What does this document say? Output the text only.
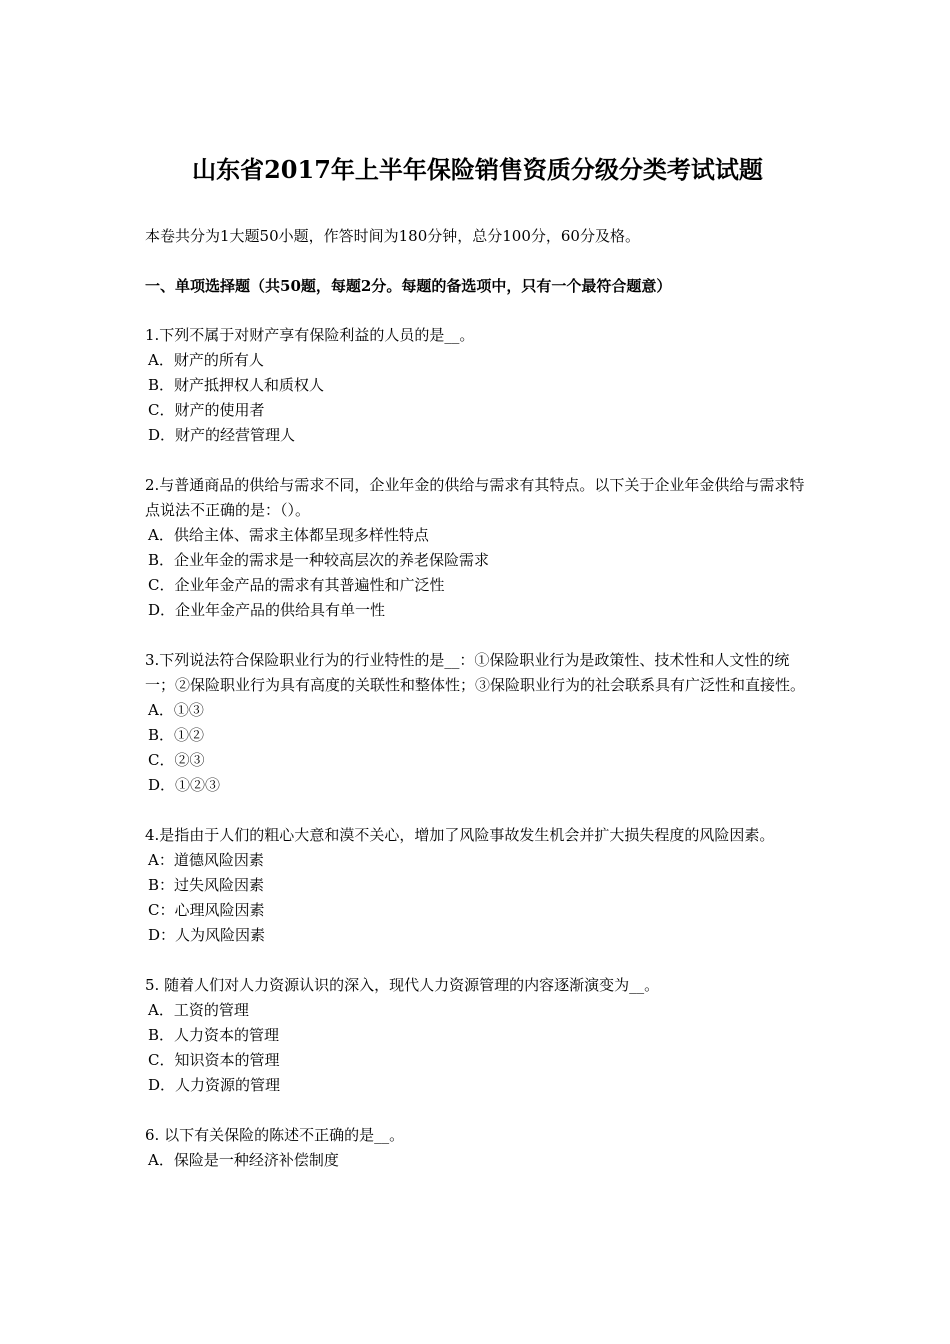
山东省2017年上半年保险销售资质分级分类考试试题
本卷共分为1大题50小题，作答时间为180分钟，总分100分，60分及格。
一、单项选择题（共50题，每题2分。每题的备选项中，只有一个最符合题意）

1.下列不属于对财产享有保险利益的人员的是__。

A．财产的所有人

B．财产抵押权人和质权人

C．财产的使用者

D．财产的经营管理人

2.与普通商品的供给与需求不同，企业年金的供给与需求有其特点。以下关于企业年金供给与需求特点说法不正确的是：（）。

A．供给主体、需求主体都呈现多样性特点

B．企业年金的需求是一种较高层次的养老保险需求

C．企业年金产品的需求有其普遍性和广泛性

D．企业年金产品的供给具有单一性

3.下列说法符合保险职业行为的行业特性的是__：①保险职业行为是政策性、技术性和人文性的统一；②保险职业行为具有高度的关联性和整体性；③保险职业行为的社会联系具有广泛性和直接性。

A．①③

B．①②

C．②③

D．①②③

4.是指由于人们的粗心大意和漠不关心，增加了风险事故发生机会并扩大损失程度的风险因素。

A：道德风险因素

B：过失风险因素

C：心理风险因素

D：人为风险因素

5. 随着人们对人力资源认识的深入，现代人力资源管理的内容逐渐演变为__。

A．工资的管理

B．人力资本的管理

C．知识资本的管理

D．人力资源的管理

6. 以下有关保险的陈述不正确的是__。

A．保险是一种经济补偿制度
